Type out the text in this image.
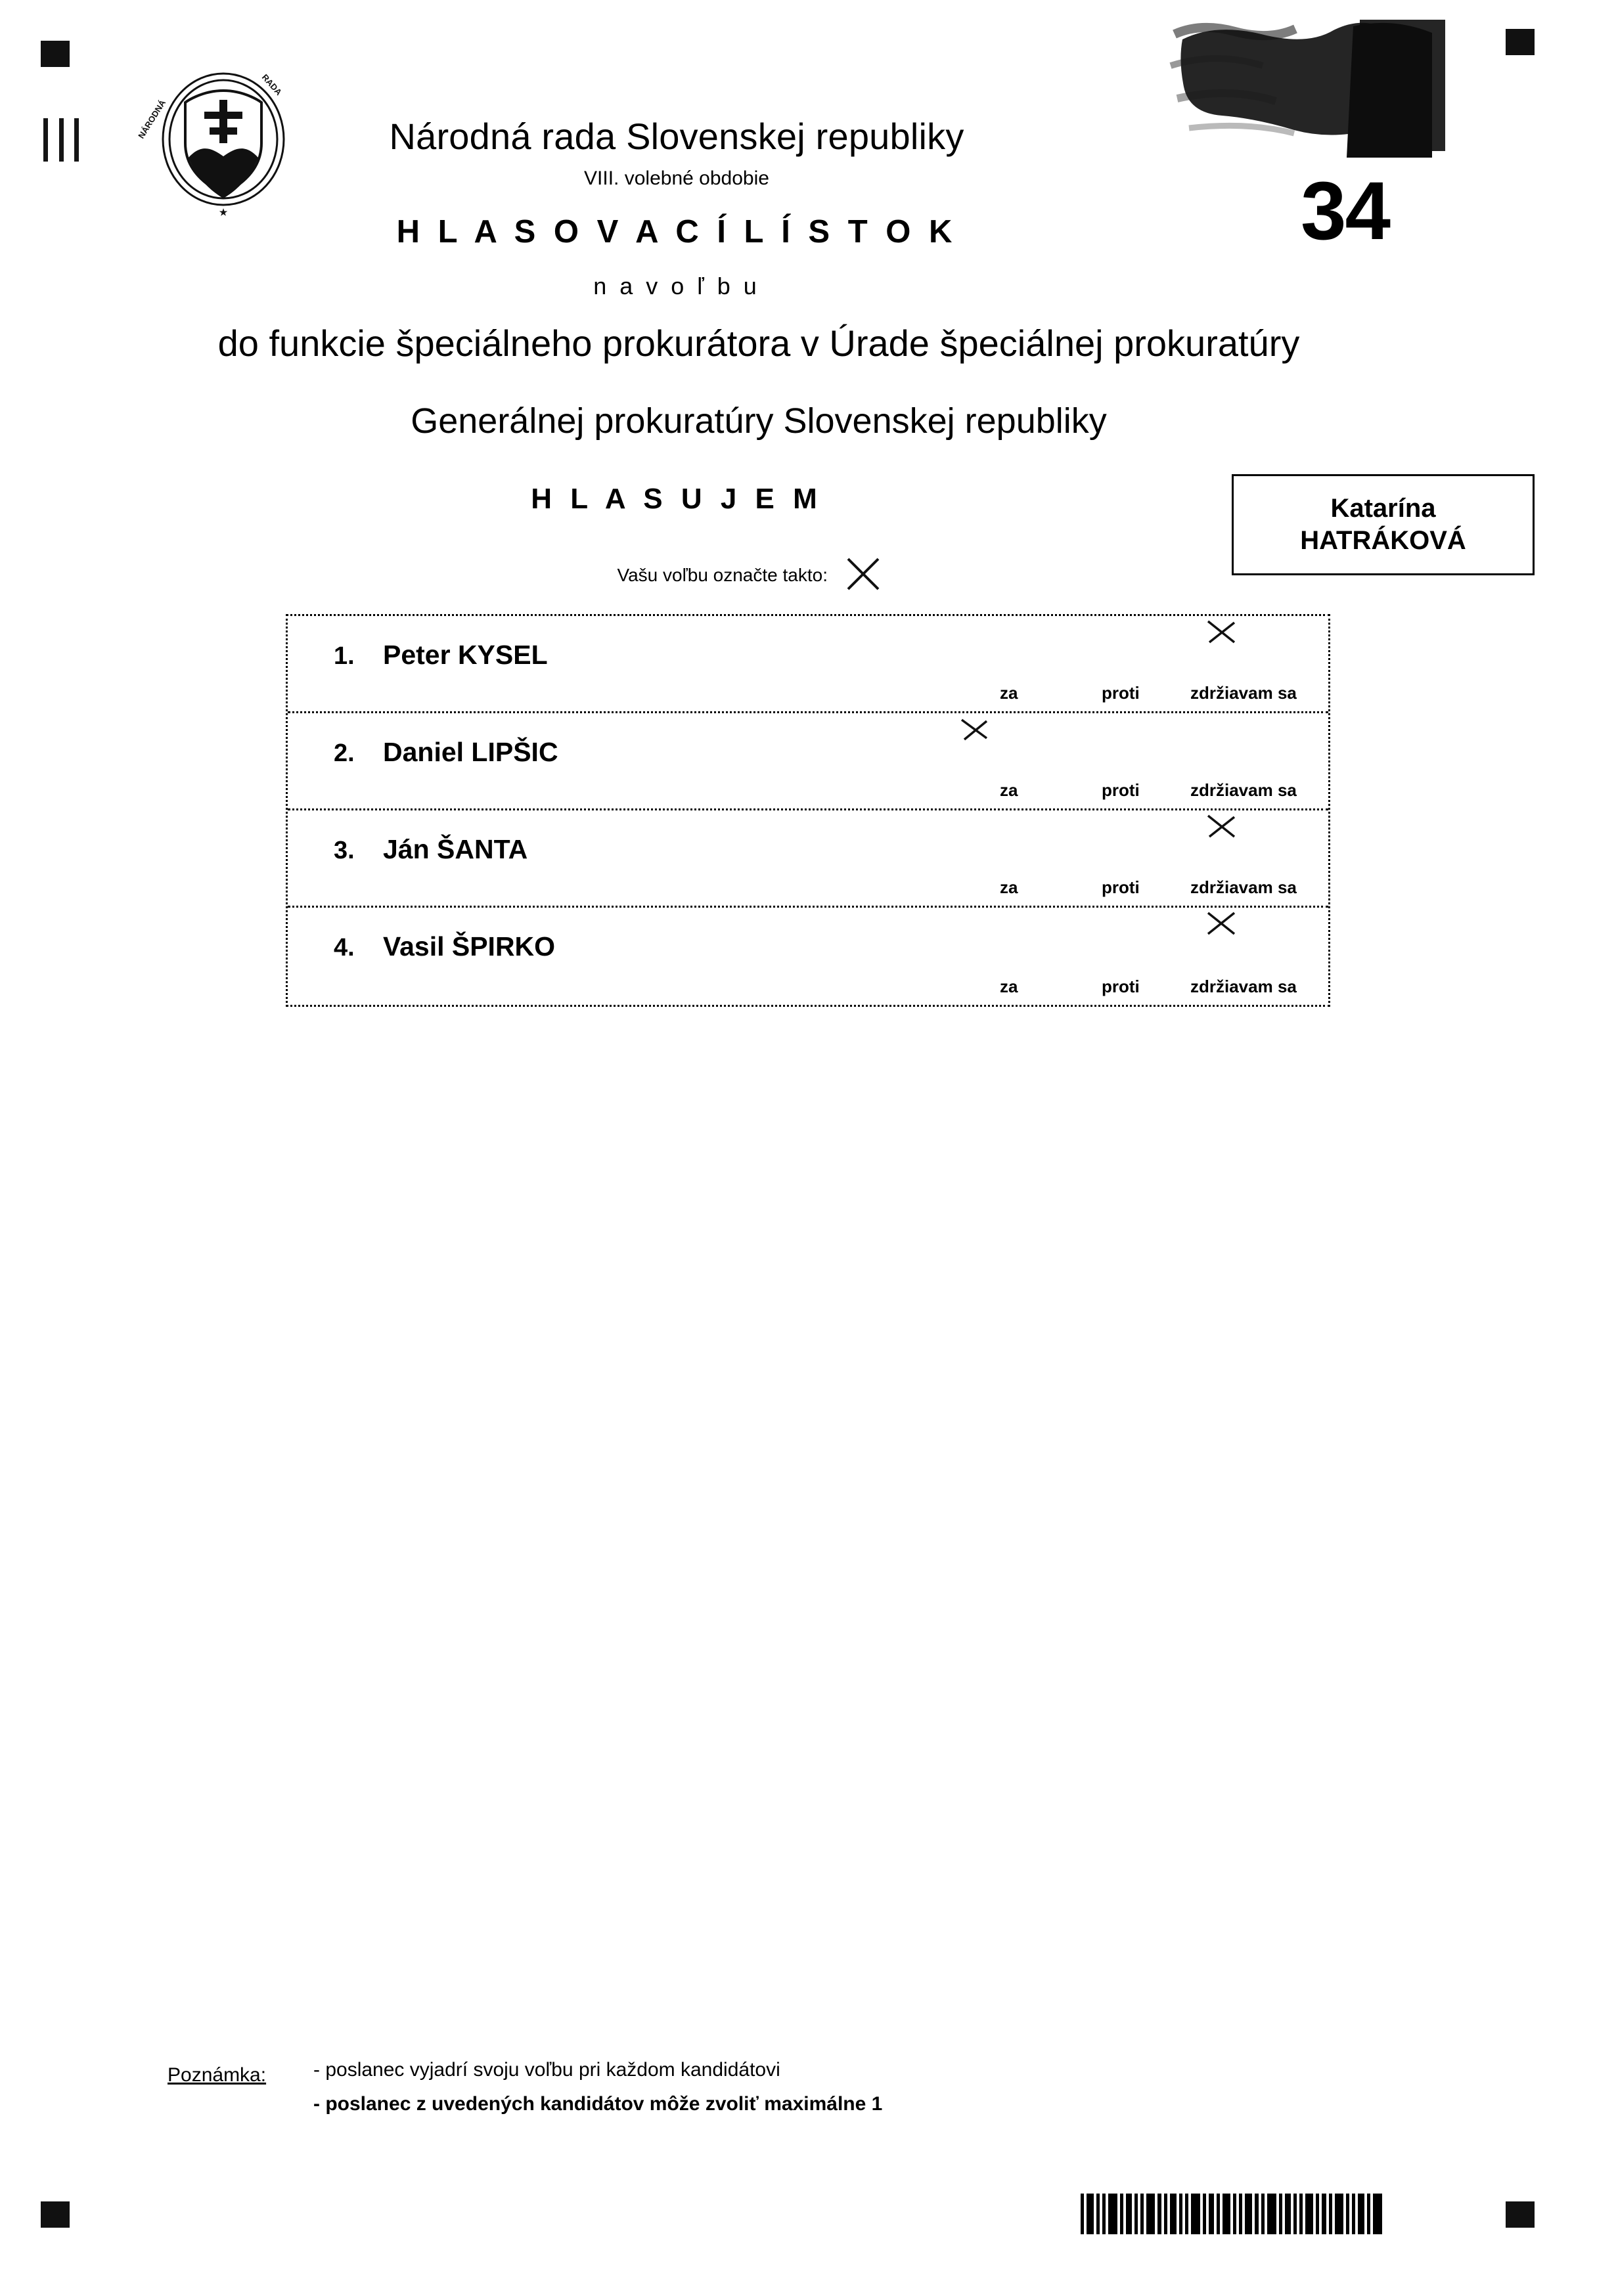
NÁRODNÁ
RADA
★	34
Národná rada Slovenskej republiky
VIII. volebné obdobie
H L A S O V A C Í L Í S T O K
n a v o ľ b u
do funkcie špeciálneho prokurátora v Úrade špeciálnej prokuratúry
Generálnej prokuratúry Slovenskej republiky
H L A S U J E M
Vašu voľbu označte takto:
Katarína
HATRÁKOVÁ
1. Peter KYSEL
za	proti	zdržiavam sa
2. Daniel LIPŠIC
za	proti	zdržiavam sa
3. Ján ŠANTA
za	proti	zdržiavam sa
4. Vasil ŠPIRKO
za	proti	zdržiavam sa
Poznámka: - poslanec vyjadrí svoju voľbu pri každom kandidátovi
- poslanec z uvedených kandidátov môže zvoliť maximálne 1
